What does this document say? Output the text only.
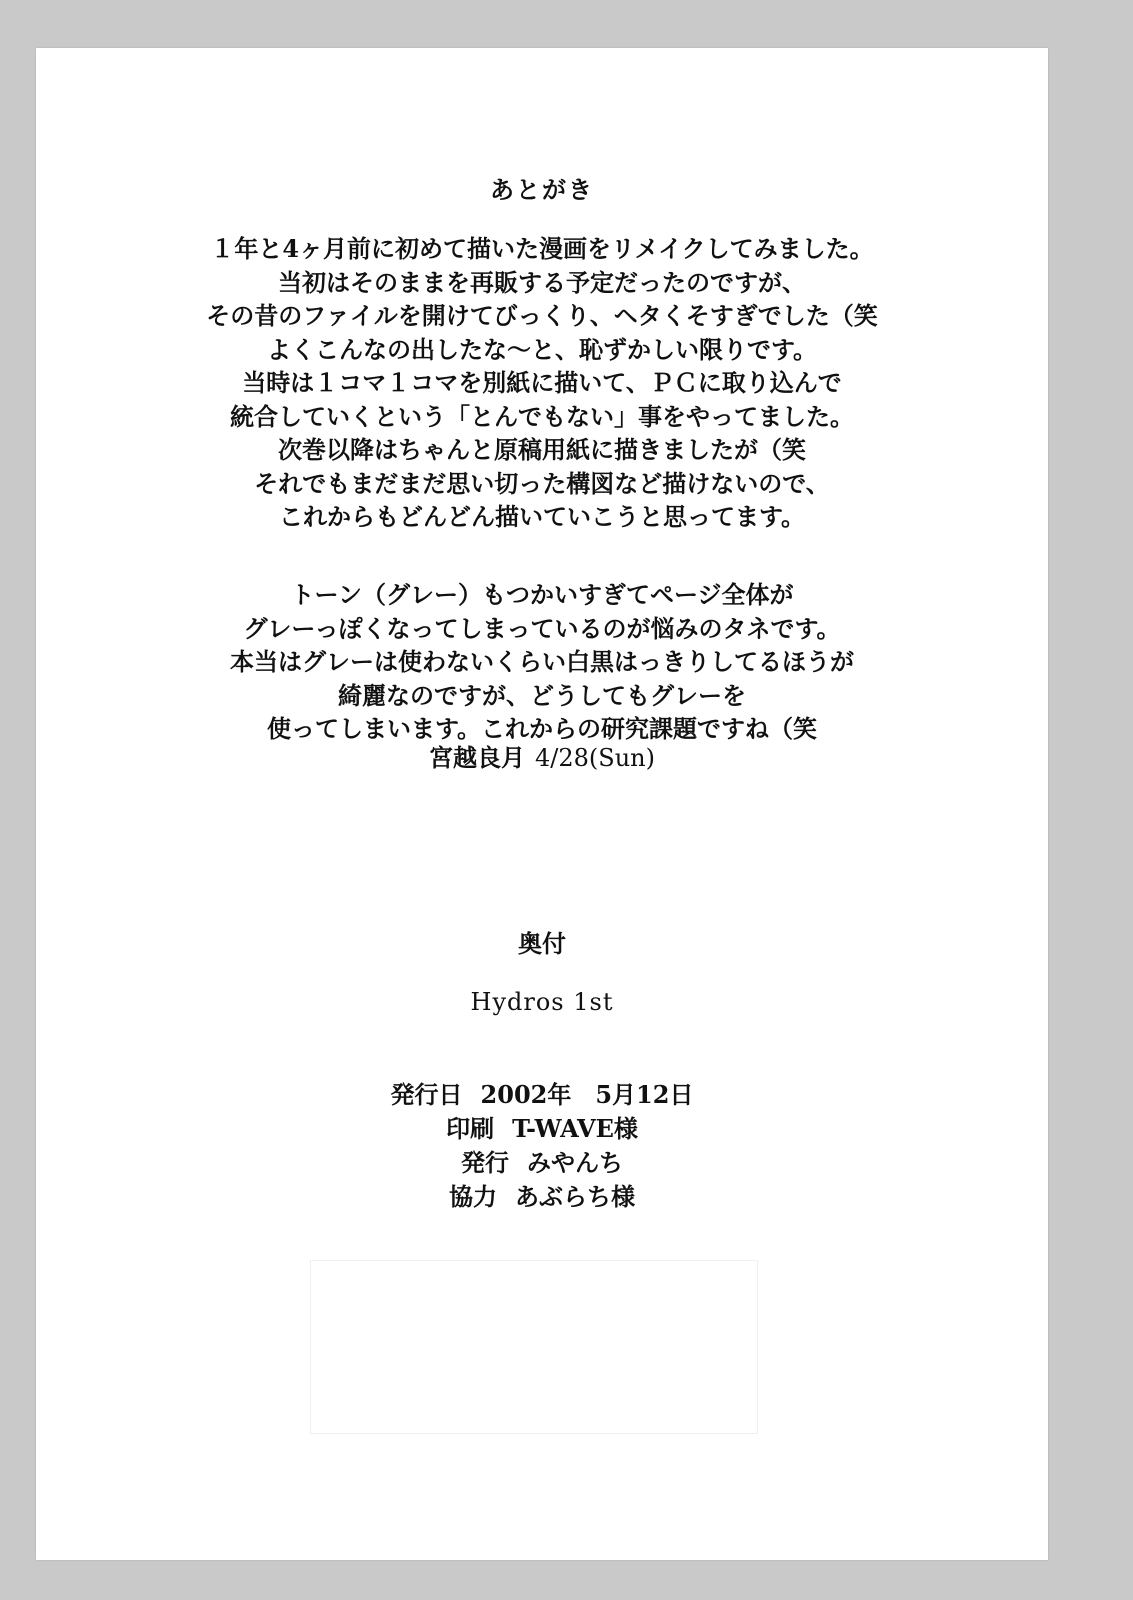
あとがき
１年と4ヶ月前に初めて描いた漫画をリメイクしてみました。
当初はそのままを再販する予定だったのですが、
その昔のファイルを開けてびっくり、ヘタくそすぎでした（笑
よくこんなの出したな～と、恥ずかしい限りです。
当時は１コマ１コマを別紙に描いて、ＰＣに取り込んで
統合していくという「とんでもない」事をやってました。
次巻以降はちゃんと原稿用紙に描きましたが（笑
それでもまだまだ思い切った構図など描けないので、
これからもどんどん描いていこうと思ってます。
トーン（グレー）もつかいすぎてページ全体が
グレーっぽくなってしまっているのが悩みのタネです。
本当はグレーは使わないくらい白黒はっきりしてるほうが
綺麗なのですが、どうしてもグレーを
使ってしまいます。これからの研究課題ですね（笑
宮越良月 4/28(Sun)
奥付
Hydros 1st
発行日 2002年　5月12日
印刷 T-WAVE様
発行 みやんち
協力 あぶらち様
